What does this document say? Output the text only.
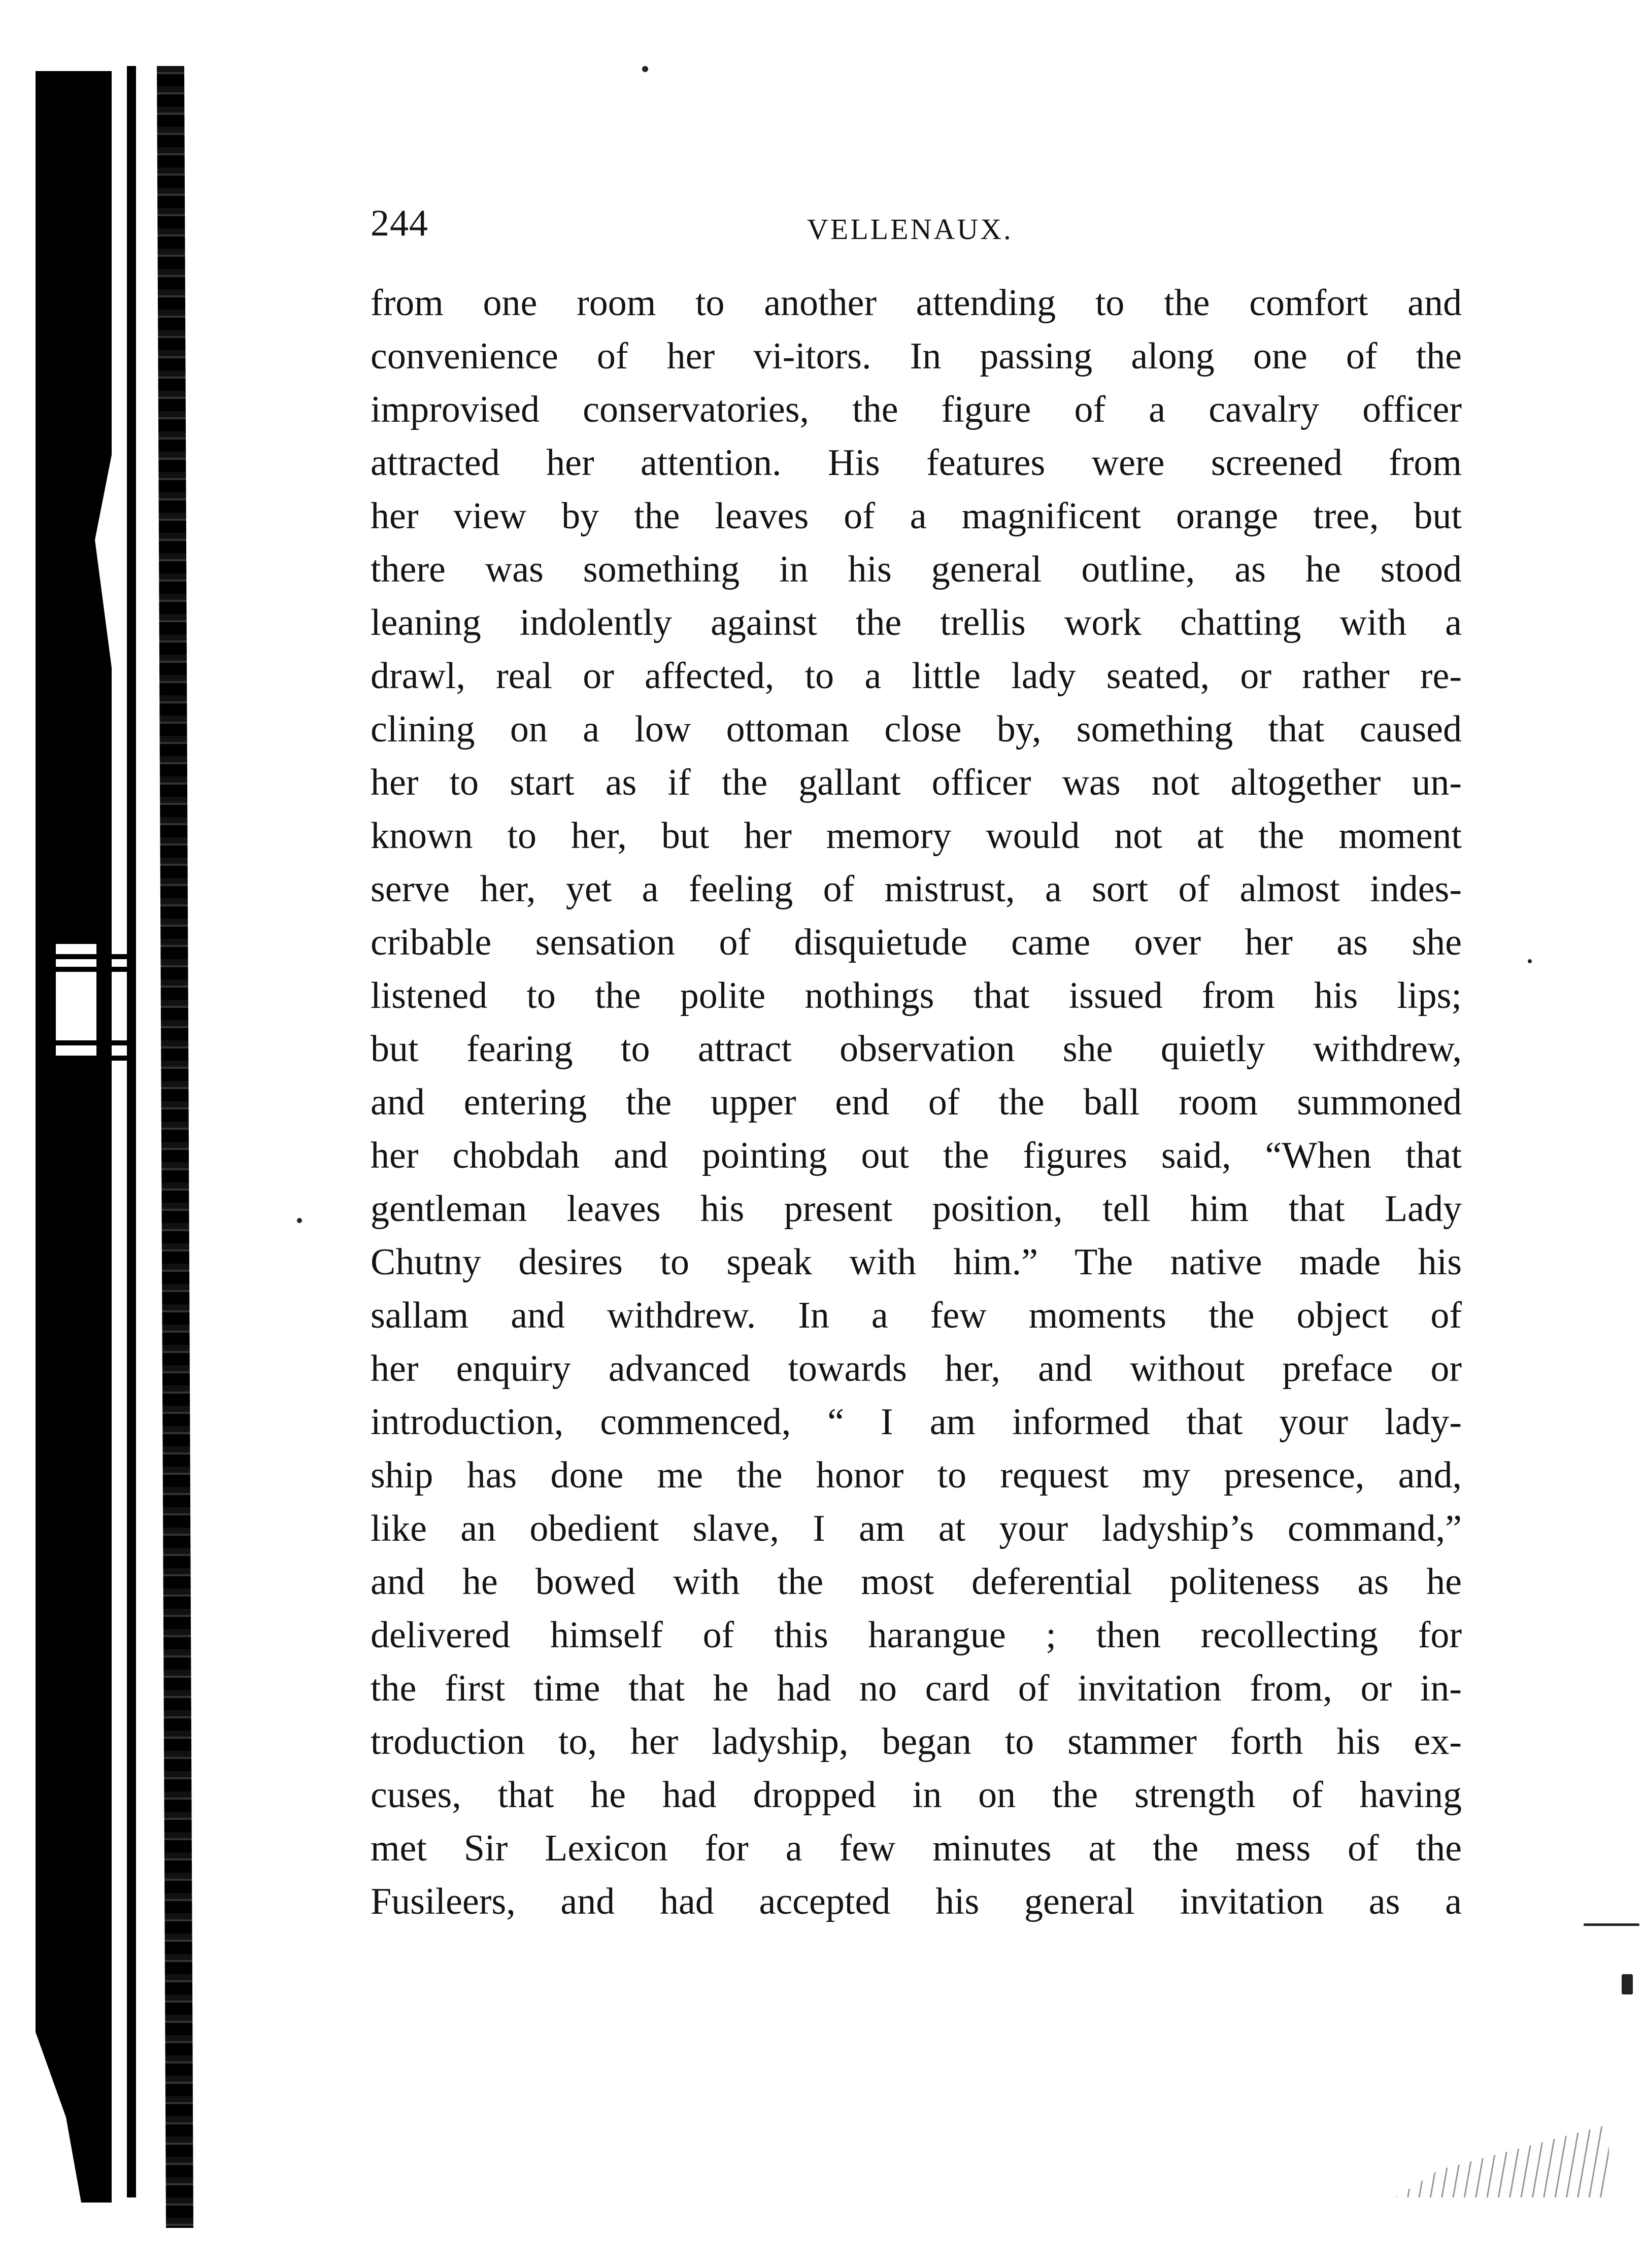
244	VELLENAUX.
from one room to another attending to the comfort and
convenience of her vi-itors. In passing along one of the
improvised conservatories, the figure of a cavalry officer
attracted her attention. His features were screened from
her view by the leaves of a magnificent orange tree, but
there was something in his general outline, as he stood
leaning indolently against the trellis work chatting with a
drawl, real or affected, to a little lady seated, or rather re-
clining on a low ottoman close by, something that caused
her to start as if the gallant officer was not altogether un-
known to her, but her memory would not at the moment
serve her, yet a feeling of mistrust, a sort of almost indes-
cribable sensation of disquietude came over her as she
listened to the polite nothings that issued from his lips;
but fearing to attract observation she quietly withdrew,
and entering the upper end of the ball room summoned
her chobdah and pointing out the figures said, “When that
gentleman leaves his present position, tell him that Lady
Chutny desires to speak with him.” The native made his
sallam and withdrew. In a few moments the object of
her enquiry advanced towards her, and without preface or
introduction, commenced, “ I am informed that your lady-
ship has done me the honor to request my presence, and,
like an obedient slave, I am at your ladyship’s command,”
and he bowed with the most deferential politeness as he
delivered himself of this harangue ; then recollecting for
the first time that he had no card of invitation from, or in-
troduction to, her ladyship, began to stammer forth his ex-
cuses, that he had dropped in on the strength of having
met Sir Lexicon for a few minutes at the mess of the
Fusileers, and had accepted his general invitation as a
